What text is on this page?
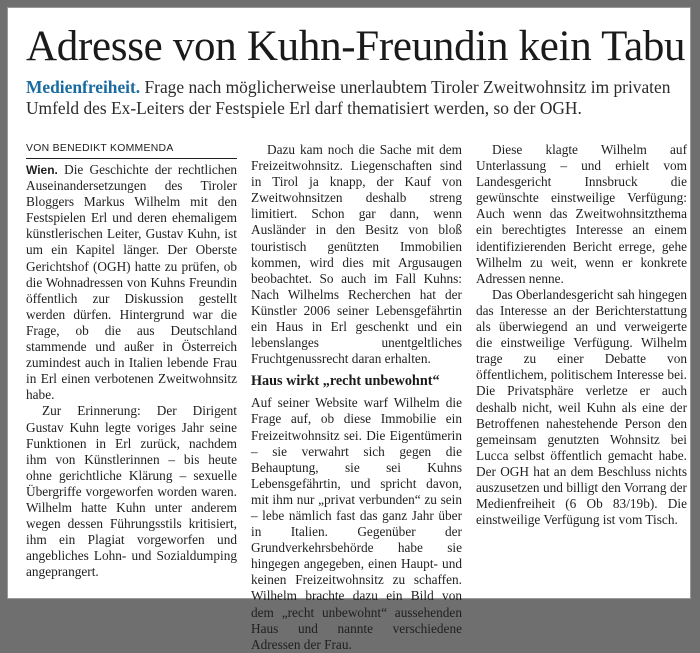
Adresse von Kuhn-Freundin kein Tabu

Medienfreiheit. Frage nach möglicherweise unerlaubtem Tiroler Zweitwohnsitz im privaten Umfeld des Ex-Leiters der Festspiele Erl darf thematisiert werden, so der OGH.

VON BENEDIKT KOMMENDA

Wien. Die Geschichte der rechtlichen Auseinandersetzungen des Tiroler Bloggers Markus Wilhelm mit den Festspielen Erl und deren ehemaligem künstlerischen Leiter, Gustav Kuhn, ist um ein Kapitel länger. Der Oberste Gerichtshof (OGH) hatte zu prüfen, ob die Wohnadressen von Kuhns Freundin öffentlich zur Diskussion gestellt werden dürfen. Hintergrund war die Frage, ob die aus Deutschland stammende und außer in Österreich zumindest auch in Italien lebende Frau in Erl einen verbotenen Zweitwohnsitz habe.

Zur Erinnerung: Der Dirigent Gustav Kuhn legte voriges Jahr seine Funktionen in Erl zurück, nachdem ihm von Künstlerinnen – bis heute ohne gerichtliche Klärung – sexuelle Übergriffe vorgeworfen worden waren. Wilhelm hatte Kuhn unter anderem wegen dessen Führungsstils kritisiert, ihm ein Plagiat vorgeworfen und angebliches Lohn- und Sozialdumping angeprangert.

Dazu kam noch die Sache mit dem Freizeitwohnsitz. Liegenschaften sind in Tirol ja knapp, der Kauf von Zweitwohnsitzen deshalb streng limitiert. Schon gar dann, wenn Ausländer in den Besitz von bloß touristisch genützten Immobilien kommen, wird dies mit Argusaugen beobachtet. So auch im Fall Kuhns: Nach Wilhelms Recherchen hat der Künstler 2006 seiner Lebensgefährtin ein Haus in Erl geschenkt und ein lebenslanges unentgeltliches Fruchtgenussrecht daran erhalten.

Haus wirkt „recht unbewohnt“

Auf seiner Website warf Wilhelm die Frage auf, ob diese Immobilie ein Freizeitwohnsitz sei. Die Eigentümerin – sie verwahrt sich gegen die Behauptung, sie sei Kuhns Lebensgefährtin, und spricht davon, mit ihm nur „privat verbunden“ zu sein – lebe nämlich fast das ganz Jahr über in Italien. Gegenüber der Grundverkehrsbehörde habe sie hingegen angegeben, einen Haupt- und keinen Freizeitwohnsitz zu schaffen. Wilhelm brachte dazu ein Bild von dem „recht unbewohnt“ aussehenden Haus und nannte verschiedene Adressen der Frau.

Diese klagte Wilhelm auf Unterlassung – und erhielt vom Landesgericht Innsbruck die gewünschte einstweilige Verfügung: Auch wenn das Zweitwohnsitzthema ein berechtigtes Interesse an einem identifizierenden Bericht errege, gehe Wilhelm zu weit, wenn er konkrete Adressen nenne.

Das Oberlandesgericht sah hingegen das Interesse an der Berichterstattung als überwiegend an und verweigerte die einstweilige Verfügung. Wilhelm trage zu einer Debatte von öffentlichem, politischem Interesse bei. Die Privatsphäre verletze er auch deshalb nicht, weil Kuhn als eine der Betroffenen nahestehende Person den gemeinsam genutzten Wohnsitz bei Lucca selbst öffentlich gemacht habe. Der OGH hat an dem Beschluss nichts auszusetzen und billigt den Vorrang der Medienfreiheit (6 Ob 83/19b). Die einstweilige Verfügung ist vom Tisch.
